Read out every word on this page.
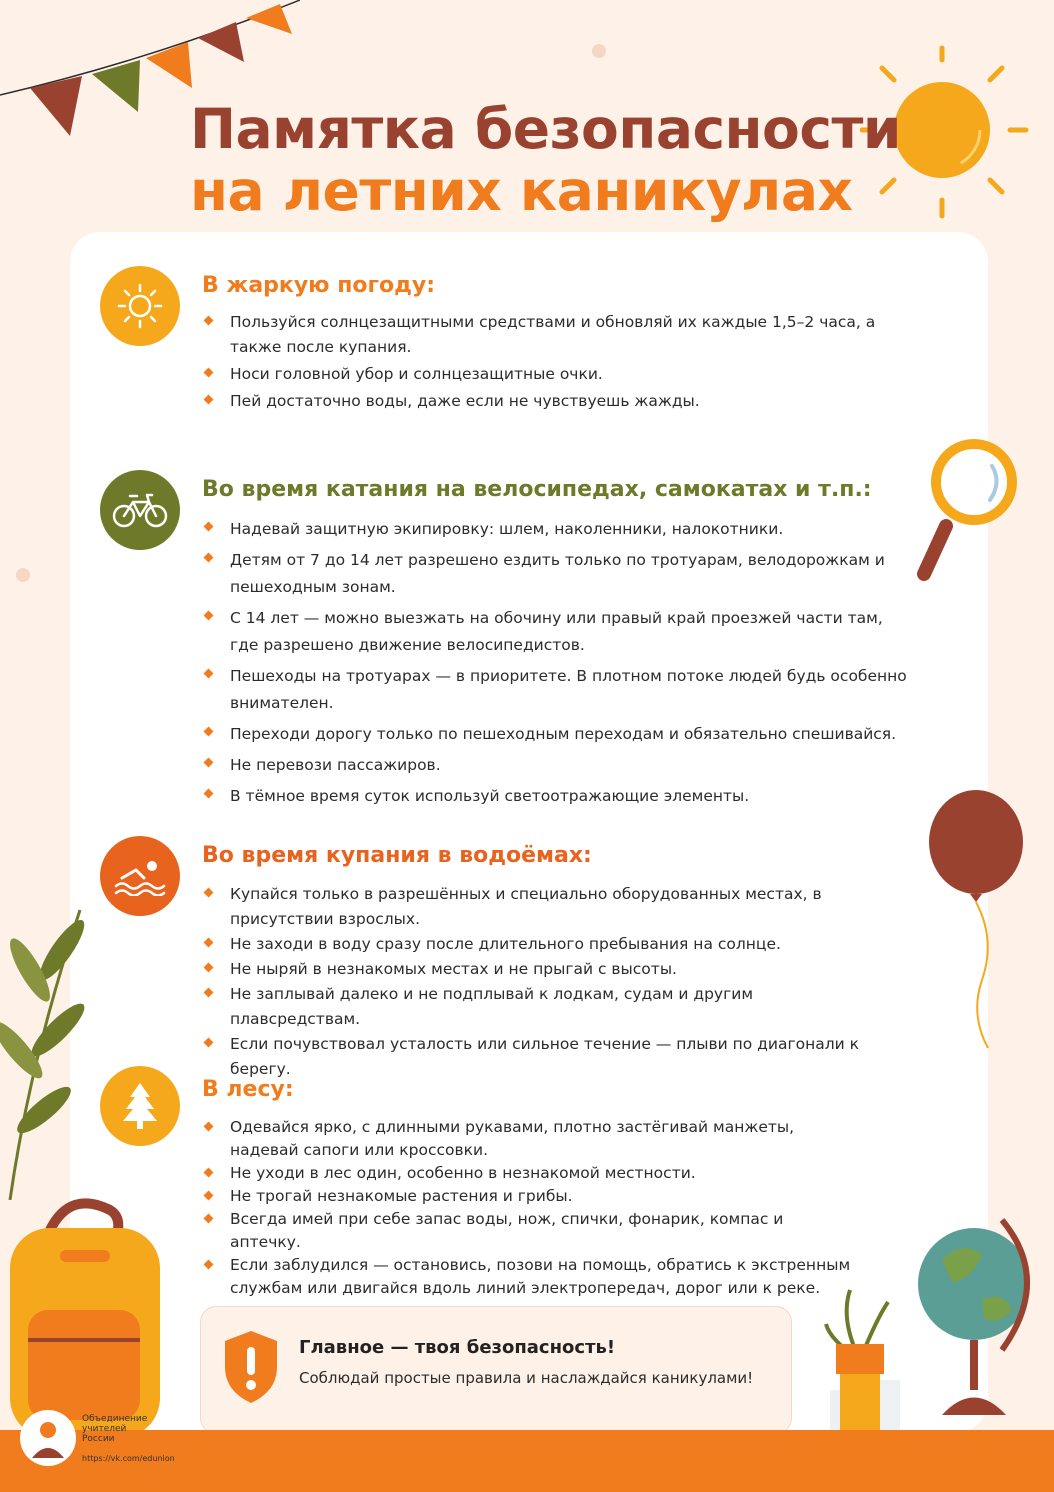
Памятка безопасности
на летних каникулах
В жаркую погоду:
Пользуйся солнцезащитными средствами и обновляй их каждые 1,5–2 часа, а также после купания.
Носи головной убор и солнцезащитные очки.
Пей достаточно воды, даже если не чувствуешь жажды.
Во время катания на велосипедах, самокатах и т.п.:
Надевай защитную экипировку: шлем, наколенники, налокотники.
Детям от 7 до 14 лет разрешено ездить только по тротуарам, велодорожкам и пешеходным зонам.
С 14 лет — можно выезжать на обочину или правый край проезжей части там, где разрешено движение велосипедистов.
Пешеходы на тротуарах — в приоритете. В плотном потоке людей будь особенно внимателен.
Переходи дорогу только по пешеходным переходам и обязательно спешивайся.
Не перевози пассажиров.
В тёмное время суток используй светоотражающие элементы.
Во время купания в водоёмах:
Купайся только в разрешённых и специально оборудованных местах, в присутствии взрослых.
Не заходи в воду сразу после длительного пребывания на солнце.
Не ныряй в незнакомых местах и не прыгай с высоты.
Не заплывай далеко и не подплывай к лодкам, судам и другим плавсредствам.
Если почувствовал усталость или сильное течение — плыви по диагонали к берегу.
В лесу:
Одевайся ярко, с длинными рукавами, плотно застёгивай манжеты, надевай сапоги или кроссовки.
Не уходи в лес один, особенно в незнакомой местности.
Не трогай незнакомые растения и грибы.
Всегда имей при себе запас воды, нож, спички, фонарик, компас и аптечку.
Если заблудился — остановись, позови на помощь, обратись к экстренным службам или двигайся вдоль линий электропередач, дорог или к реке.

Главное — твоя безопасность!

Соблюдай простые правила и наслаждайся каникулами!

Объединение
учителей
России
https://vk.com/edunion
